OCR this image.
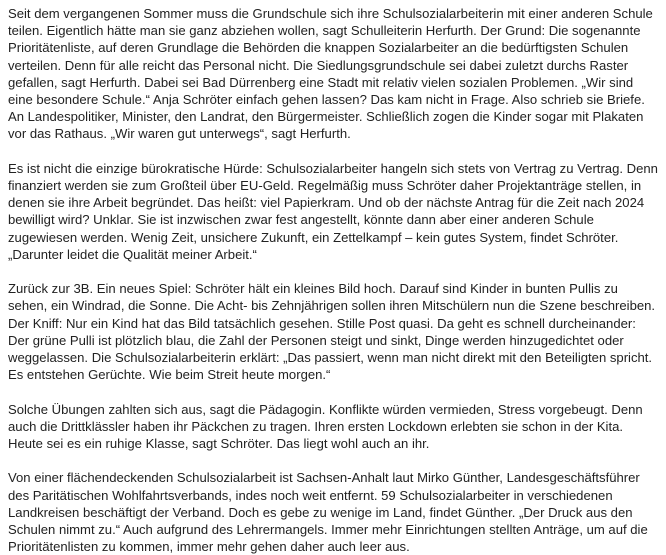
Seit dem vergangenen Sommer muss die Grundschule sich ihre Schulsozialarbeiterin mit einer anderen Schule teilen. Eigentlich hätte man sie ganz abziehen wollen, sagt Schulleiterin Herfurth. Der Grund: Die sogenannte Prioritätenliste, auf deren Grundlage die Behörden die knappen Sozialarbeiter an die bedürftigsten Schulen verteilen. Denn für alle reicht das Personal nicht. Die Siedlungsgrundschule sei dabei zuletzt durchs Raster gefallen, sagt Herfurth. Dabei sei Bad Dürrenberg eine Stadt mit relativ vielen sozialen Problemen. „Wir sind eine besondere Schule.“ Anja Schröter einfach gehen lassen? Das kam nicht in Frage. Also schrieb sie Briefe. An Landespolitiker, Minister, den Landrat, den Bürgermeister. Schließlich zogen die Kinder sogar mit Plakaten vor das Rathaus. „Wir waren gut unterwegs“, sagt Herfurth.

Es ist nicht die einzige bürokratische Hürde: Schulsozialarbeiter hangeln sich stets von Vertrag zu Vertrag. Denn finanziert werden sie zum Großteil über EU-Geld. Regelmäßig muss Schröter daher Projektanträge stellen, in denen sie ihre Arbeit begründet. Das heißt: viel Papierkram. Und ob der nächste Antrag für die Zeit nach 2024 bewilligt wird? Unklar. Sie ist inzwischen zwar fest angestellt, könnte dann aber einer anderen Schule zugewiesen werden. Wenig Zeit, unsichere Zukunft, ein Zettelkampf – kein gutes System, findet Schröter. „Darunter leidet die Qualität meiner Arbeit.“

Zurück zur 3B. Ein neues Spiel: Schröter hält ein kleines Bild hoch. Darauf sind Kinder in bunten Pullis zu sehen, ein Windrad, die Sonne. Die Acht- bis Zehnjährigen sollen ihren Mitschülern nun die Szene beschreiben. Der Kniff: Nur ein Kind hat das Bild tatsächlich gesehen. Stille Post quasi. Da geht es schnell durcheinander: Der grüne Pulli ist plötzlich blau, die Zahl der Personen steigt und sinkt, Dinge werden hinzugedichtet oder weggelassen. Die Schulsozialarbeiterin erklärt: „Das passiert, wenn man nicht direkt mit den Beteiligten spricht. Es entstehen Gerüchte. Wie beim Streit heute morgen.“

Solche Übungen zahlten sich aus, sagt die Pädagogin. Konflikte würden vermieden, Stress vorgebeugt. Denn auch die Drittklässler haben ihr Päckchen zu tragen. Ihren ersten Lockdown erlebten sie schon in der Kita. Heute sei es ein ruhige Klasse, sagt Schröter. Das liegt wohl auch an ihr.

Von einer flächendeckenden Schulsozialarbeit ist Sachsen-Anhalt laut Mirko Günther, Landesgeschäftsführer des Paritätischen Wohlfahrtsverbands, indes noch weit entfernt. 59 Schulsozialarbeiter in verschiedenen Landkreisen beschäftigt der Verband. Doch es gebe zu wenige im Land, findet Günther. „Der Druck aus den Schulen nimmt zu.“ Auch aufgrund des Lehrermangels. Immer mehr Einrichtungen stellten Anträge, um auf die Prioritätenlisten zu kommen, immer mehr gehen daher auch leer aus.
